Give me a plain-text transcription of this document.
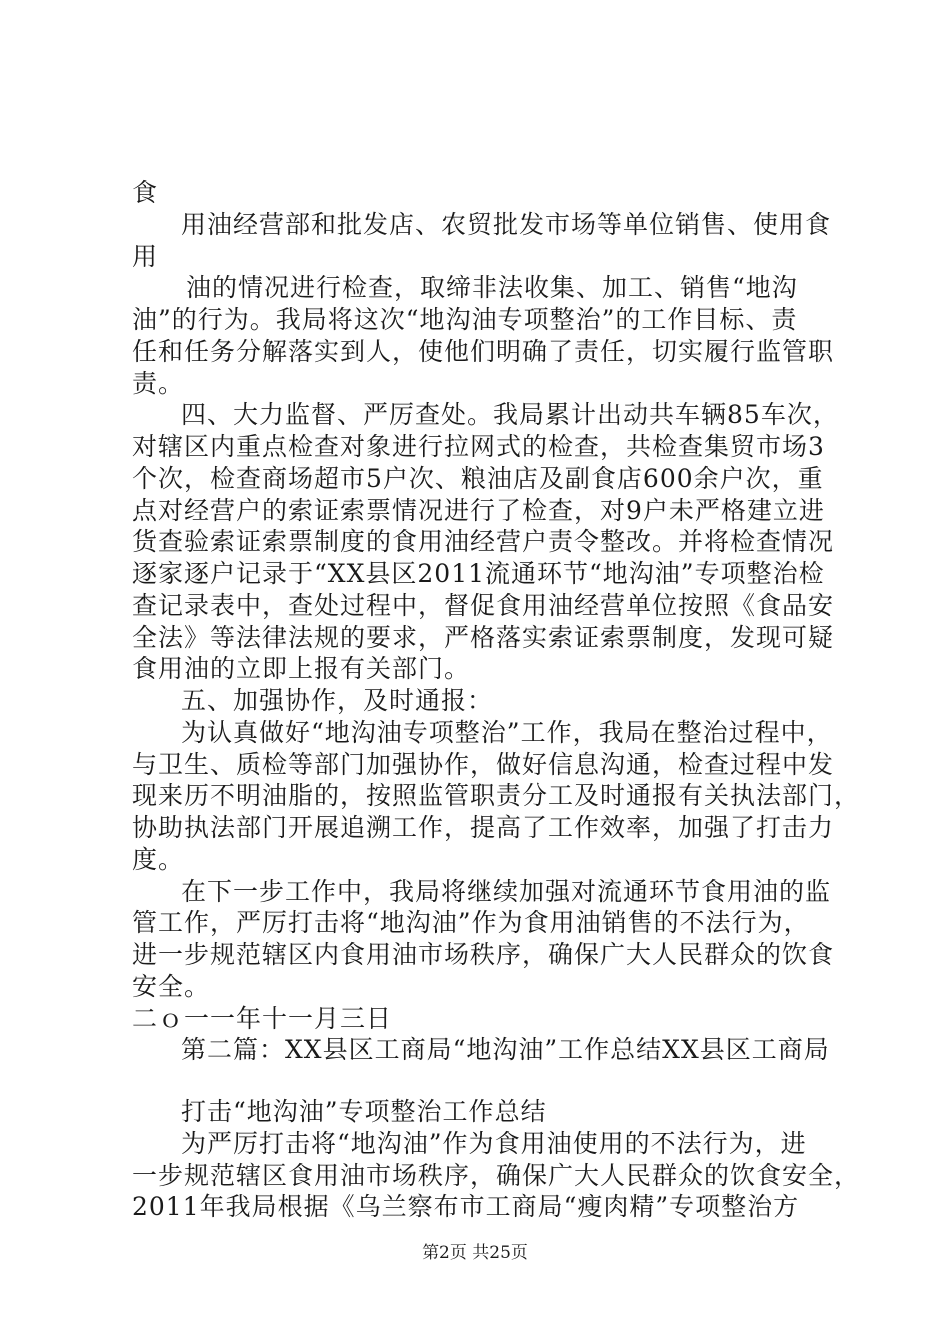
食
用油经营部和批发店、农贸批发市场等单位销售、使用食
用
油的情况进行检查，取缔非法收集、加工、销售“地沟
油”的行为。我局将这次“地沟油专项整治”的工作目标、责
任和任务分解落实到人，使他们明确了责任，切实履行监管职
责。
四、大力监督、严厉查处。我局累计出动共车辆85车次，
对辖区内重点检查对象进行拉网式的检查，共检查集贸市场3
个次，检查商场超市5户次、粮油店及副食店600余户次，重
点对经营户的索证索票情况进行了检查，对9户未严格建立进
货查验索证索票制度的食用油经营户责令整改。并将检查情况
逐家逐户记录于“XX县区2011流通环节“地沟油”专项整治检
查记录表中，查处过程中，督促食用油经营单位按照《食品安
全法》等法律法规的要求，严格落实索证索票制度，发现可疑
食用油的立即上报有关部门。
五、加强协作，及时通报：
为认真做好“地沟油专项整治”工作，我局在整治过程中，
与卫生、质检等部门加强协作，做好信息沟通，检查过程中发
现来历不明油脂的，按照监管职责分工及时通报有关执法部门，
协助执法部门开展追溯工作，提高了工作效率，加强了打击力
度。
在下一步工作中，我局将继续加强对流通环节食用油的监
管工作，严厉打击将“地沟油”作为食用油销售的不法行为，
进一步规范辖区内食用油市场秩序，确保广大人民群众的饮食
安全。
二ｏ一一年十一月三日
第二篇：XX县区工商局“地沟油”工作总结XX县区工商局
打击“地沟油”专项整治工作总结
为严厉打击将“地沟油”作为食用油使用的不法行为，进
一步规范辖区食用油市场秩序，确保广大人民群众的饮食安全，
2011年我局根据《乌兰察布市工商局“瘦肉精”专项整治方
第2页 共25页
